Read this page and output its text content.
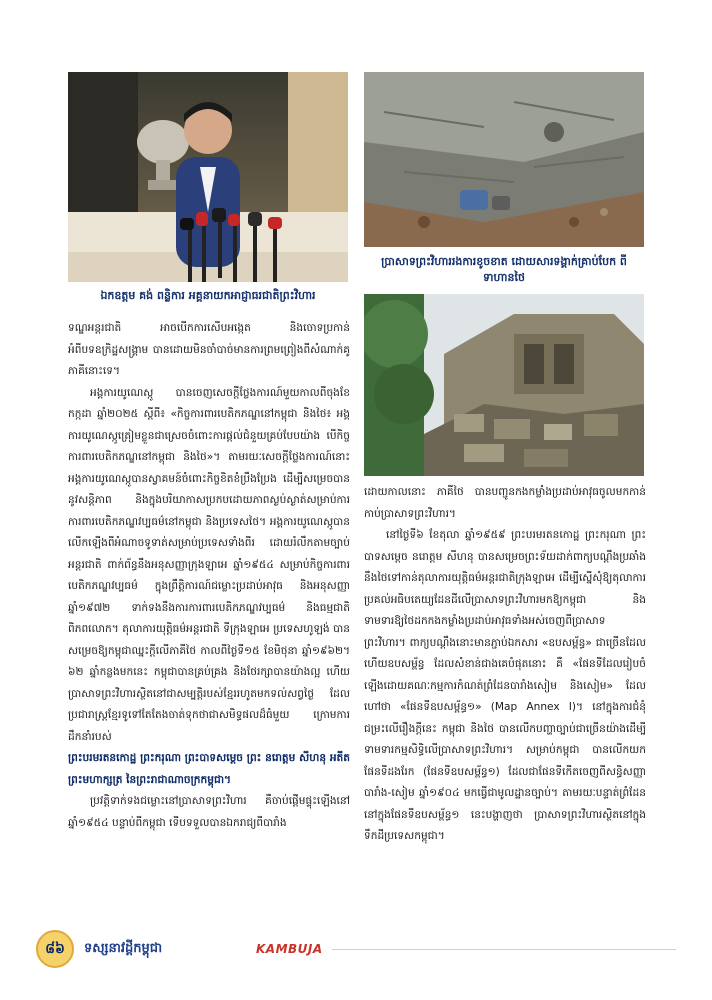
ឯកឧត្តម គង់ ពន្លិការ អគ្គនាយកអាជ្ញាធរជាតិព្រះវិហារ
ប្រាសាទព្រះវិហាររងការខូចខាត ដោយសារទង្គាក់គ្រាប់បែក ពីទាហានថៃ

ទណ្ឌអន្តរជាតិ អាចបើកការសើបអង្កេត និងចោទប្រកាន់អំពីបទឧក្រិដ្ឋសង្គ្រាម បានដោយមិនចាំបាច់មានការព្រមព្រៀងពីសំណាក់គូភាគីនោះទេ។

អង្គការយូណេស្កូ បានចេញសេចក្តីថ្លែងការណ៍មួយកាលពីចុងខែកក្កដា ឆ្នាំ២០២៥ ស្តីពី៖ «កិច្ចការពារបេតិកភណ្ឌនៅកម្ពុជា និងថៃ៖ អង្គការយូណេស្កូត្រៀមខ្លួនជាស្រេចចំពោះការផ្តល់ជំនួយគ្រប់បែបយ៉ាង បើកិច្ចការពារបេតិកភណ្ឌនៅកម្ពុជា និងថៃ»។ តាមរយៈសេចក្តីថ្លែងការណ៍នោះ អង្គការយូណេស្កូបានស្វាគមន៍ចំពោះកិច្ចខិតខំប្រឹងប្រែង ដើម្បីសម្រេចបាននូវសន្តិភាព និងក្នុងបរិយាកាសប្រកបដោយភាពស្ងប់ស្ងាត់សម្រាប់ការការពារបេតិកភណ្ឌវប្បធម៌នៅកម្ពុជា និងប្រទេសថៃ។ អង្គការយូណេស្កូបានលើកឡើងពីអំណាចទូទាត់សម្រាប់ប្រទេសទាំងពីរ ដោយរំលឹកតាមច្បាប់អន្តរជាតិ ពាក់ព័ន្ធនឹងអនុសញ្ញាក្រុងឡាអេ ឆ្នាំ១៩៥៤ សម្រាប់កិច្ចការពារបេតិកភណ្ឌវប្បធម៌ ក្នុងព្រឹត្តិការណ៍ជម្លោះប្រដាប់អាវុធ និងអនុសញ្ញា ឆ្នាំ១៩៧២ ទាក់ទងនឹងការការពារបេតិកភណ្ឌវប្បធម៌ និងធម្មជាតិពិភពលោក។ តុលាការយុត្តិធម៌អន្តរជាតិ ទីក្រុងឡាអេ ប្រទេសហូឡង់ បានសម្រេចឱ្យកម្ពុជាឈ្នះក្តីលើភាគីថៃ កាលពីថ្ងៃទី១៥ ខែមិថុនា ឆ្នាំ១៩៦២។ ៦២ ឆ្នាំកន្លងមកនេះ កម្ពុជាបានគ្រប់គ្រង និងថែរក្សាបានយ៉ាងល្អ ហើយប្រាសាទព្រះវិហារស្ថិតនៅជាសម្បត្តិរបស់ខ្មែររហូតមកទល់សព្វថ្ងៃ ដែលប្រជារាស្ត្រខ្មែរទូទៅតែតែងចាត់ទុកថាជាសមិទ្ធផលដ៏ធំមួយ ក្រោមការដឹកនាំរបស់

ព្រះបរមរតនកោដ្ឋ ព្រះករុណា ព្រះបាទសម្តេច ព្រះ នរោត្តម សីហនុ អតីតព្រះមហាក្សត្រ នៃព្រះរាជាណាចក្រកម្ពុជា។

ប្រវត្តិទាក់ទងជម្លោះនៅប្រាសាទព្រះវិហារ គឺចាប់ផ្តើមផ្ទុះឡើងនៅឆ្នាំ១៩៥៤ បន្ទាប់ពីកម្ពុជា ទើបទទួលបានឯករាជ្យពីបារាំង

ដោយកាលនោះ ភាគីថៃ បានបញ្ជូនកងកម្លាំងប្រដាប់អាវុធចូលមកកាន់កាប់ប្រាសាទព្រះវិហារ។

នៅថ្ងៃទី៦ ខែតុលា ឆ្នាំ១៩៥៩ ព្រះបរមរតនកោដ្ឋ ព្រះករុណា ព្រះបាទសម្តេច នរោត្តម សីហនុ បានសម្រេចព្រះទ័យដាក់ពាក្យបណ្តឹងប្រឆាំងនឹងថៃទៅកាន់តុលាការយុត្តិធម៌អន្តរជាតិក្រុងឡាអេ ដើម្បីស្នើសុំឱ្យតុលាការប្រគល់អធិបតេយ្យដែនដីលើប្រាសាទព្រះវិហារមកឱ្យកម្ពុជា និងទាមទារឱ្យថៃដកកងកម្លាំងប្រដាប់អាវុធទាំងអស់ចេញពីប្រាសាទព្រះវិហារ។ ពាក្យបណ្តឹងនោះមានភ្ជាប់ឯកសារ «ឧបសម្ព័ន្ធ» ជាច្រើនដែលហើយឧបសម្ព័ន្ធ ដែលសំខាន់ជាងគេបំផុតនោះ គឺ «ផែនទីដែលរៀបចំឡើងដោយគណៈកម្មការកំណត់ព្រំដែនបារាំងសៀម និងសៀម» ដែលហៅថា «ផែនទីឧបសម្ព័ន្ធ១» (Map Annex I)។ នៅក្នុងការជំនុំជម្រះលើរឿងក្តីនេះ កម្ពុជា និងថៃ បានលើកបញ្ហាច្បាប់ជាច្រើនយ៉ាងដើម្បីទាមទារកម្មសិទ្ធិលើប្រាសាទព្រះវិហារ។ សម្រាប់កម្ពុជា បានលើកយកផែនទីដងរែក (ផែនទីឧបសម្ព័ន្ធ១) ដែលជាផែនទីកើតចេញពីសន្ធិសញ្ញាបារាំង-សៀម ឆ្នាំ១៩០៤ មកធ្វើជាមូលដ្ឋានច្បាប់។ តាមរយៈបន្ទាត់ព្រំដែននៅក្នុងផែនទីឧបសម្ព័ន្ធ១ នេះបង្ហាញថា ប្រាសាទព្រះវិហារស្ថិតនៅក្នុងទឹកដីប្រទេសកម្ពុជា។

៨៦	ទស្សនាវដ្តីកម្ពុជា	KAMBUJA
